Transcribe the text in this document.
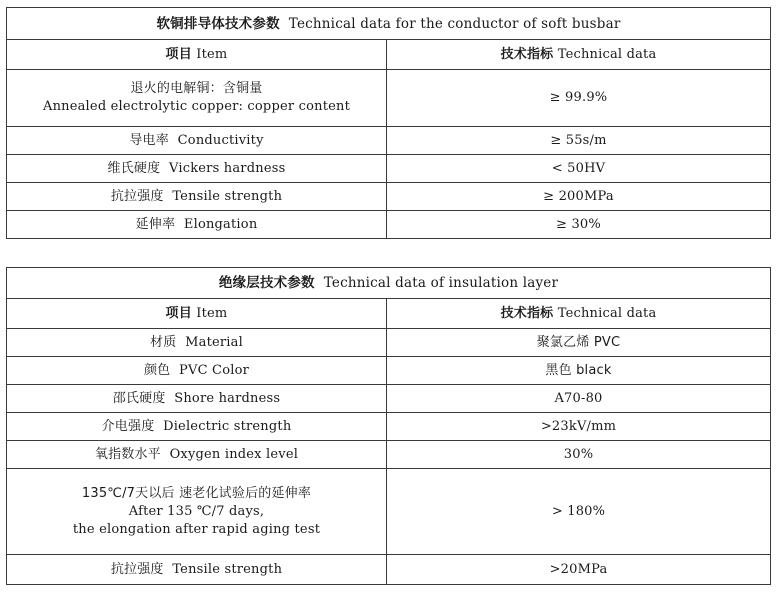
软铜排导体技术参数 Technical data for the conductor of soft busbar	
项目 Item	技术指标 Technical data

退火的电解铜：含铜量
Annealed electrolytic copper: copper content	≥ 99.9%
导电率 Conductivity	≥ 55s/m
维氏硬度 Vickers hardness	< 50HV
抗拉强度 Tensile strength	≥ 200MPa
延伸率 Elongation	≥ 30%
绝缘层技术参数 Technical data of insulation layer	
项目 Item	技术指标 Technical data
材质 Material	聚氯乙烯 PVC
颜色 PVC Color	黑色 black
邵氏硬度 Shore hardness	A70-80
介电强度 Dielectric strength	>23kV/mm
氧指数水平 Oxygen index level	30%

135℃/7天以后 速老化试验后的延伸率
After 135 ℃/7 days,
the elongation after rapid aging test	> 180%
抗拉强度 Tensile strength	>20MPa
